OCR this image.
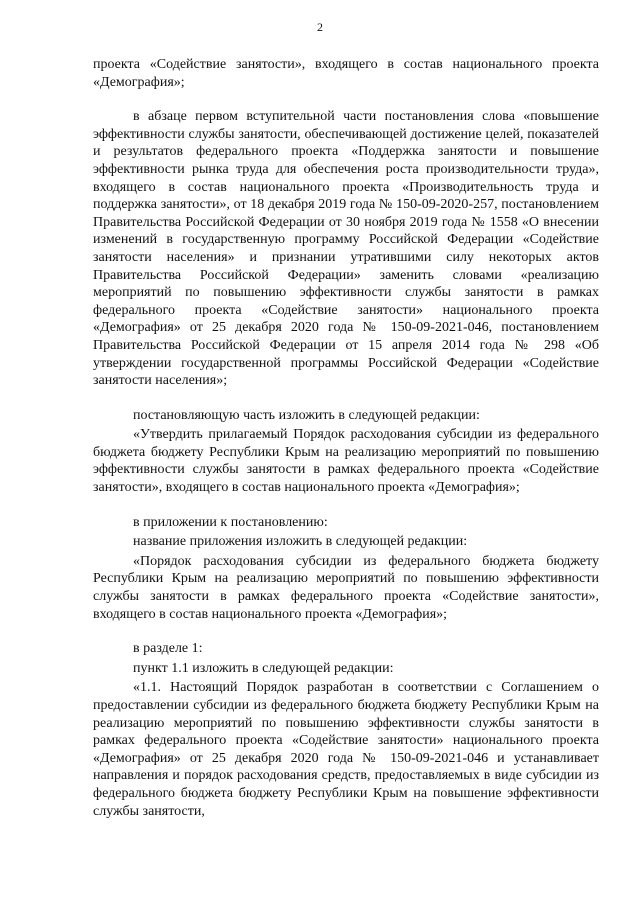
2

проекта «Содействие занятости», входящего в состав национального проекта «Демография»;

в абзаце первом вступительной части постановления слова «повышение эффективности службы занятости, обеспечивающей достижение целей, показателей и результатов федерального проекта «Поддержка занятости и повышение эффективности рынка труда для обеспечения роста производительности труда», входящего в состав национального проекта «Производительность труда и поддержка занятости», от 18 декабря 2019 года № 150-09-2020-257, постановлением Правительства Российской Федерации от 30 ноября 2019 года № 1558 «О внесении изменений в государственную программу Российской Федерации «Содействие занятости населения» и признании утратившими силу некоторых актов Правительства Российской Федерации» заменить словами «реализацию мероприятий по повышению эффективности службы занятости в рамках федерального проекта «Содействие занятости» национального проекта «Демография» от 25 декабря 2020 года № 150-09-2021-046, постановлением Правительства Российской Федерации от 15 апреля 2014 года № 298 «Об утверждении государственной программы Российской Федерации «Содействие занятости населения»;

постановляющую часть изложить в следующей редакции:

«Утвердить прилагаемый Порядок расходования субсидии из федерального бюджета бюджету Республики Крым на реализацию мероприятий по повышению эффективности службы занятости в рамках федерального проекта «Содействие занятости», входящего в состав национального проекта «Демография»;

в приложении к постановлению:

название приложения изложить в следующей редакции:

«Порядок расходования субсидии из федерального бюджета бюджету Республики Крым на реализацию мероприятий по повышению эффективности службы занятости в рамках федерального проекта «Содействие занятости», входящего в состав национального проекта «Демография»;

в разделе 1:

пункт 1.1 изложить в следующей редакции:

«1.1. Настоящий Порядок разработан в соответствии с Соглашением о предоставлении субсидии из федерального бюджета бюджету Республики Крым на реализацию мероприятий по повышению эффективности службы занятости в рамках федерального проекта «Содействие занятости» национального проекта «Демография» от 25 декабря 2020 года № 150-09-2021-046 и устанавливает направления и порядок расходования средств, предоставляемых в виде субсидии из федерального бюджета бюджету Республики Крым на повышение эффективности службы занятости,
